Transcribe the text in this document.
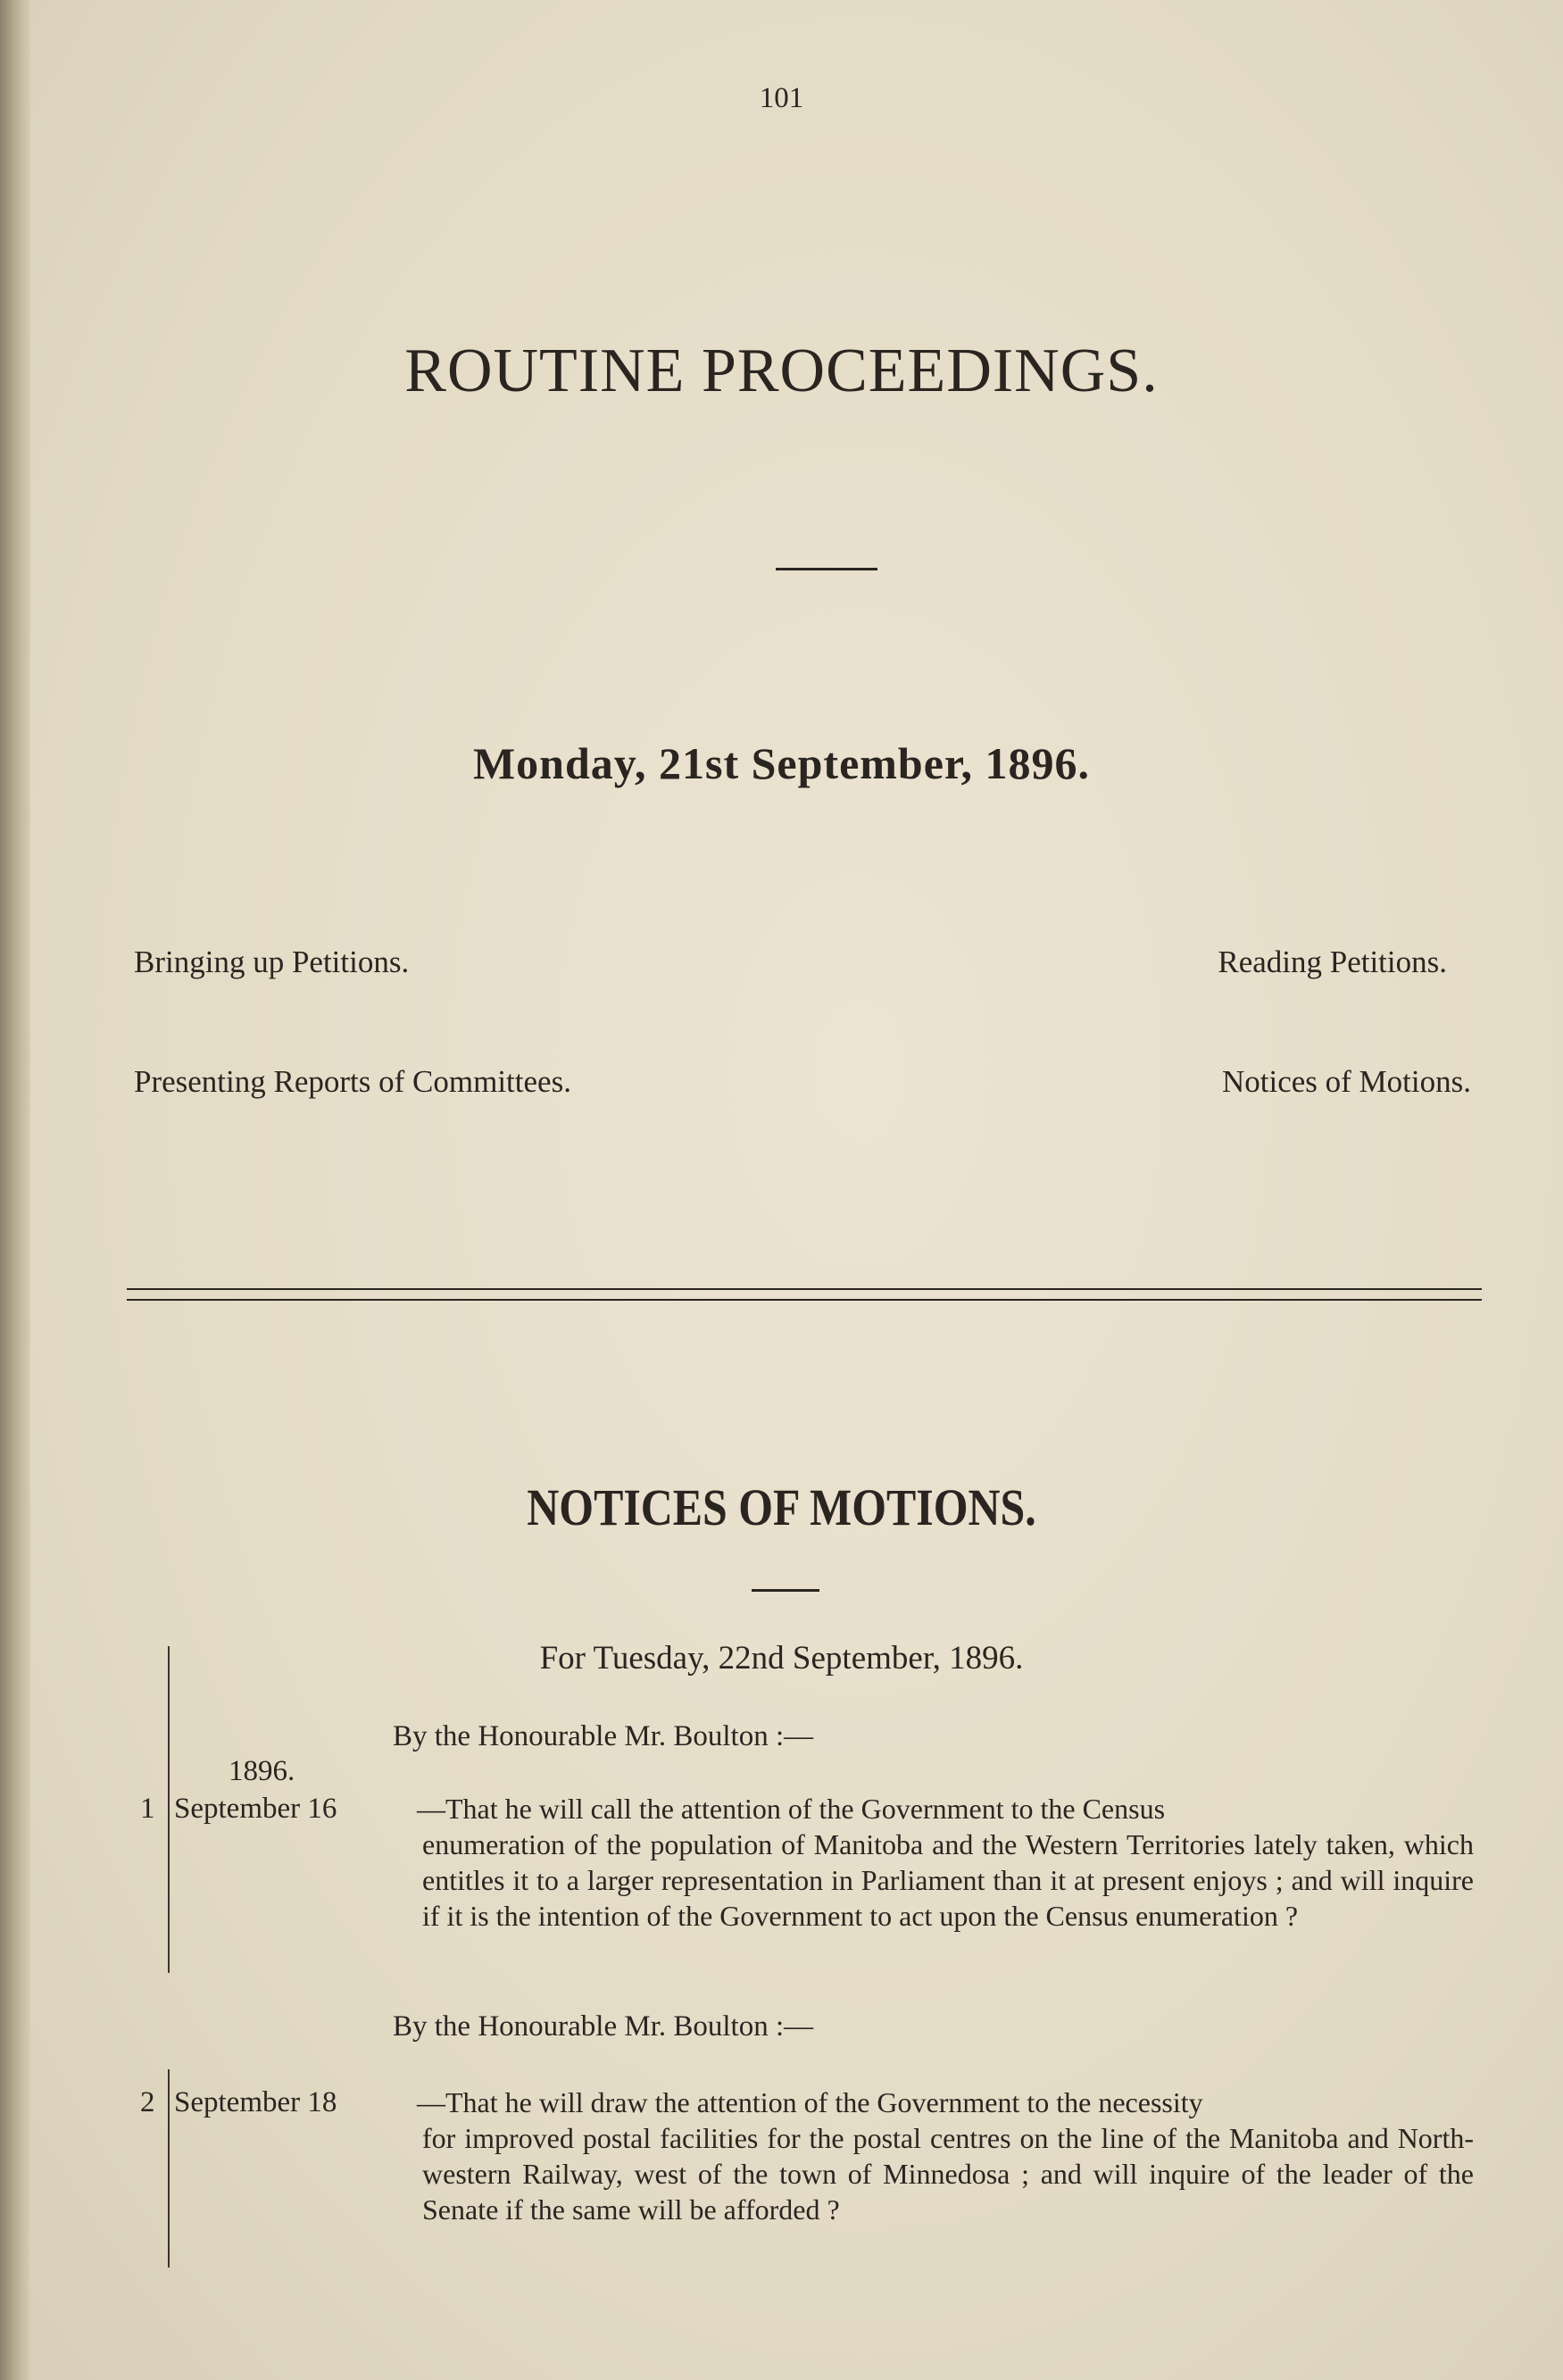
101
ROUTINE PROCEEDINGS.
Monday, 21st September, 1896.
Bringing up Petitions.	Reading Petitions.
Presenting Reports of Committees.	Notices of Motions.
NOTICES OF MOTIONS.
For Tuesday, 22nd September, 1896.
By the Honourable Mr. Boulton :—
1896.
1 September 16	—That he will call the attention of the Government to the Census
enumeration of the population of Manitoba and the Western Territories lately taken, which entitles it to a larger representation in Parliament than it at present enjoys ; and will inquire if it is the intention of the Government to act upon the Census enumeration ?
By the Honourable Mr. Boulton :—
2 September 18	—That he will draw the attention of the Government to the necessity
for improved postal facilities for the postal centres on the line of the Manitoba and North-western Railway, west of the town of Minnedosa ; and will inquire of the leader of the Senate if the same will be afforded ?
